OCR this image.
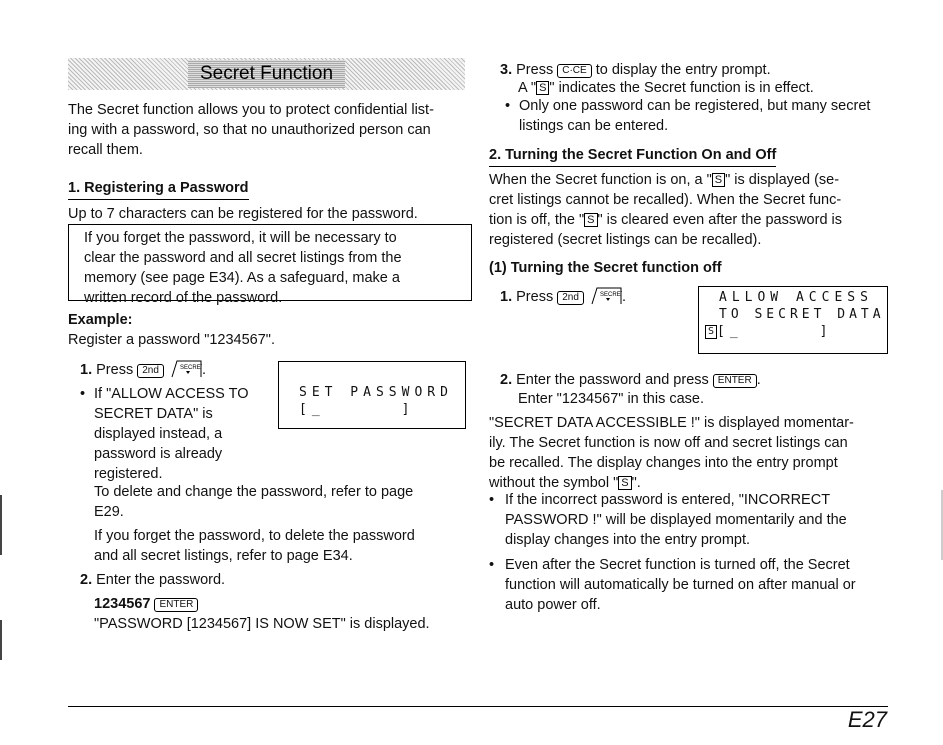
Secret Function

The Secret function allows you to protect confidential list-

ing with a password, so that no unauthorized person can

recall them.

1. Registering a Password

Up to 7 characters can be registered for the password.

If you forget the password, it will be necessary to

clear the password and all secret listings from the

memory (see page E34). As a safeguard, make a

written record of the password.

Example:

Register a password "1234567".

1. Press 2nd	SECRET
.
• If "ALLOW ACCESS TO

SECRET DATA" is

displayed instead, a

password is already

registered.

SET PASSWORD
[_      ]

To delete and change the password, refer to page

E29.

If you forget the password, to delete the password

and all secret listings, refer to page E34.

2. Enter the password.
1234567 ENTER

"PASSWORD [1234567] IS NOW SET" is displayed.

3. Press C·CE to display the entry prompt.
A " S " indicates the Secret function is in effect.
• Only one password can be registered, but many secret

listings can be entered.

2. Turning the Secret Function On and Off

When the Secret function is on, a " S " is displayed (se-

cret listings cannot be recalled). When the Secret func-

tion is off, the " S " is cleared even after the password is

registered (secret listings can be recalled).

(1) Turning the Secret function off

1. Press 2nd	SECRET
.	ALLOW ACCESS
TO SECRET DATA
S [_      ]
2. Enter the password and press ENTER .

Enter "1234567" in this case.

"SECRET DATA ACCESSIBLE !" is displayed momentar-

ily. The Secret function is now off and secret listings can

be recalled. The display changes into the entry prompt

without the symbol " S ".

• If the incorrect password is entered, "INCORRECT

PASSWORD !" will be displayed momentarily and the

display changes into the entry prompt.

• Even after the Secret function is turned off, the Secret

function will automatically be turned on after manual or

auto power off.

E27
